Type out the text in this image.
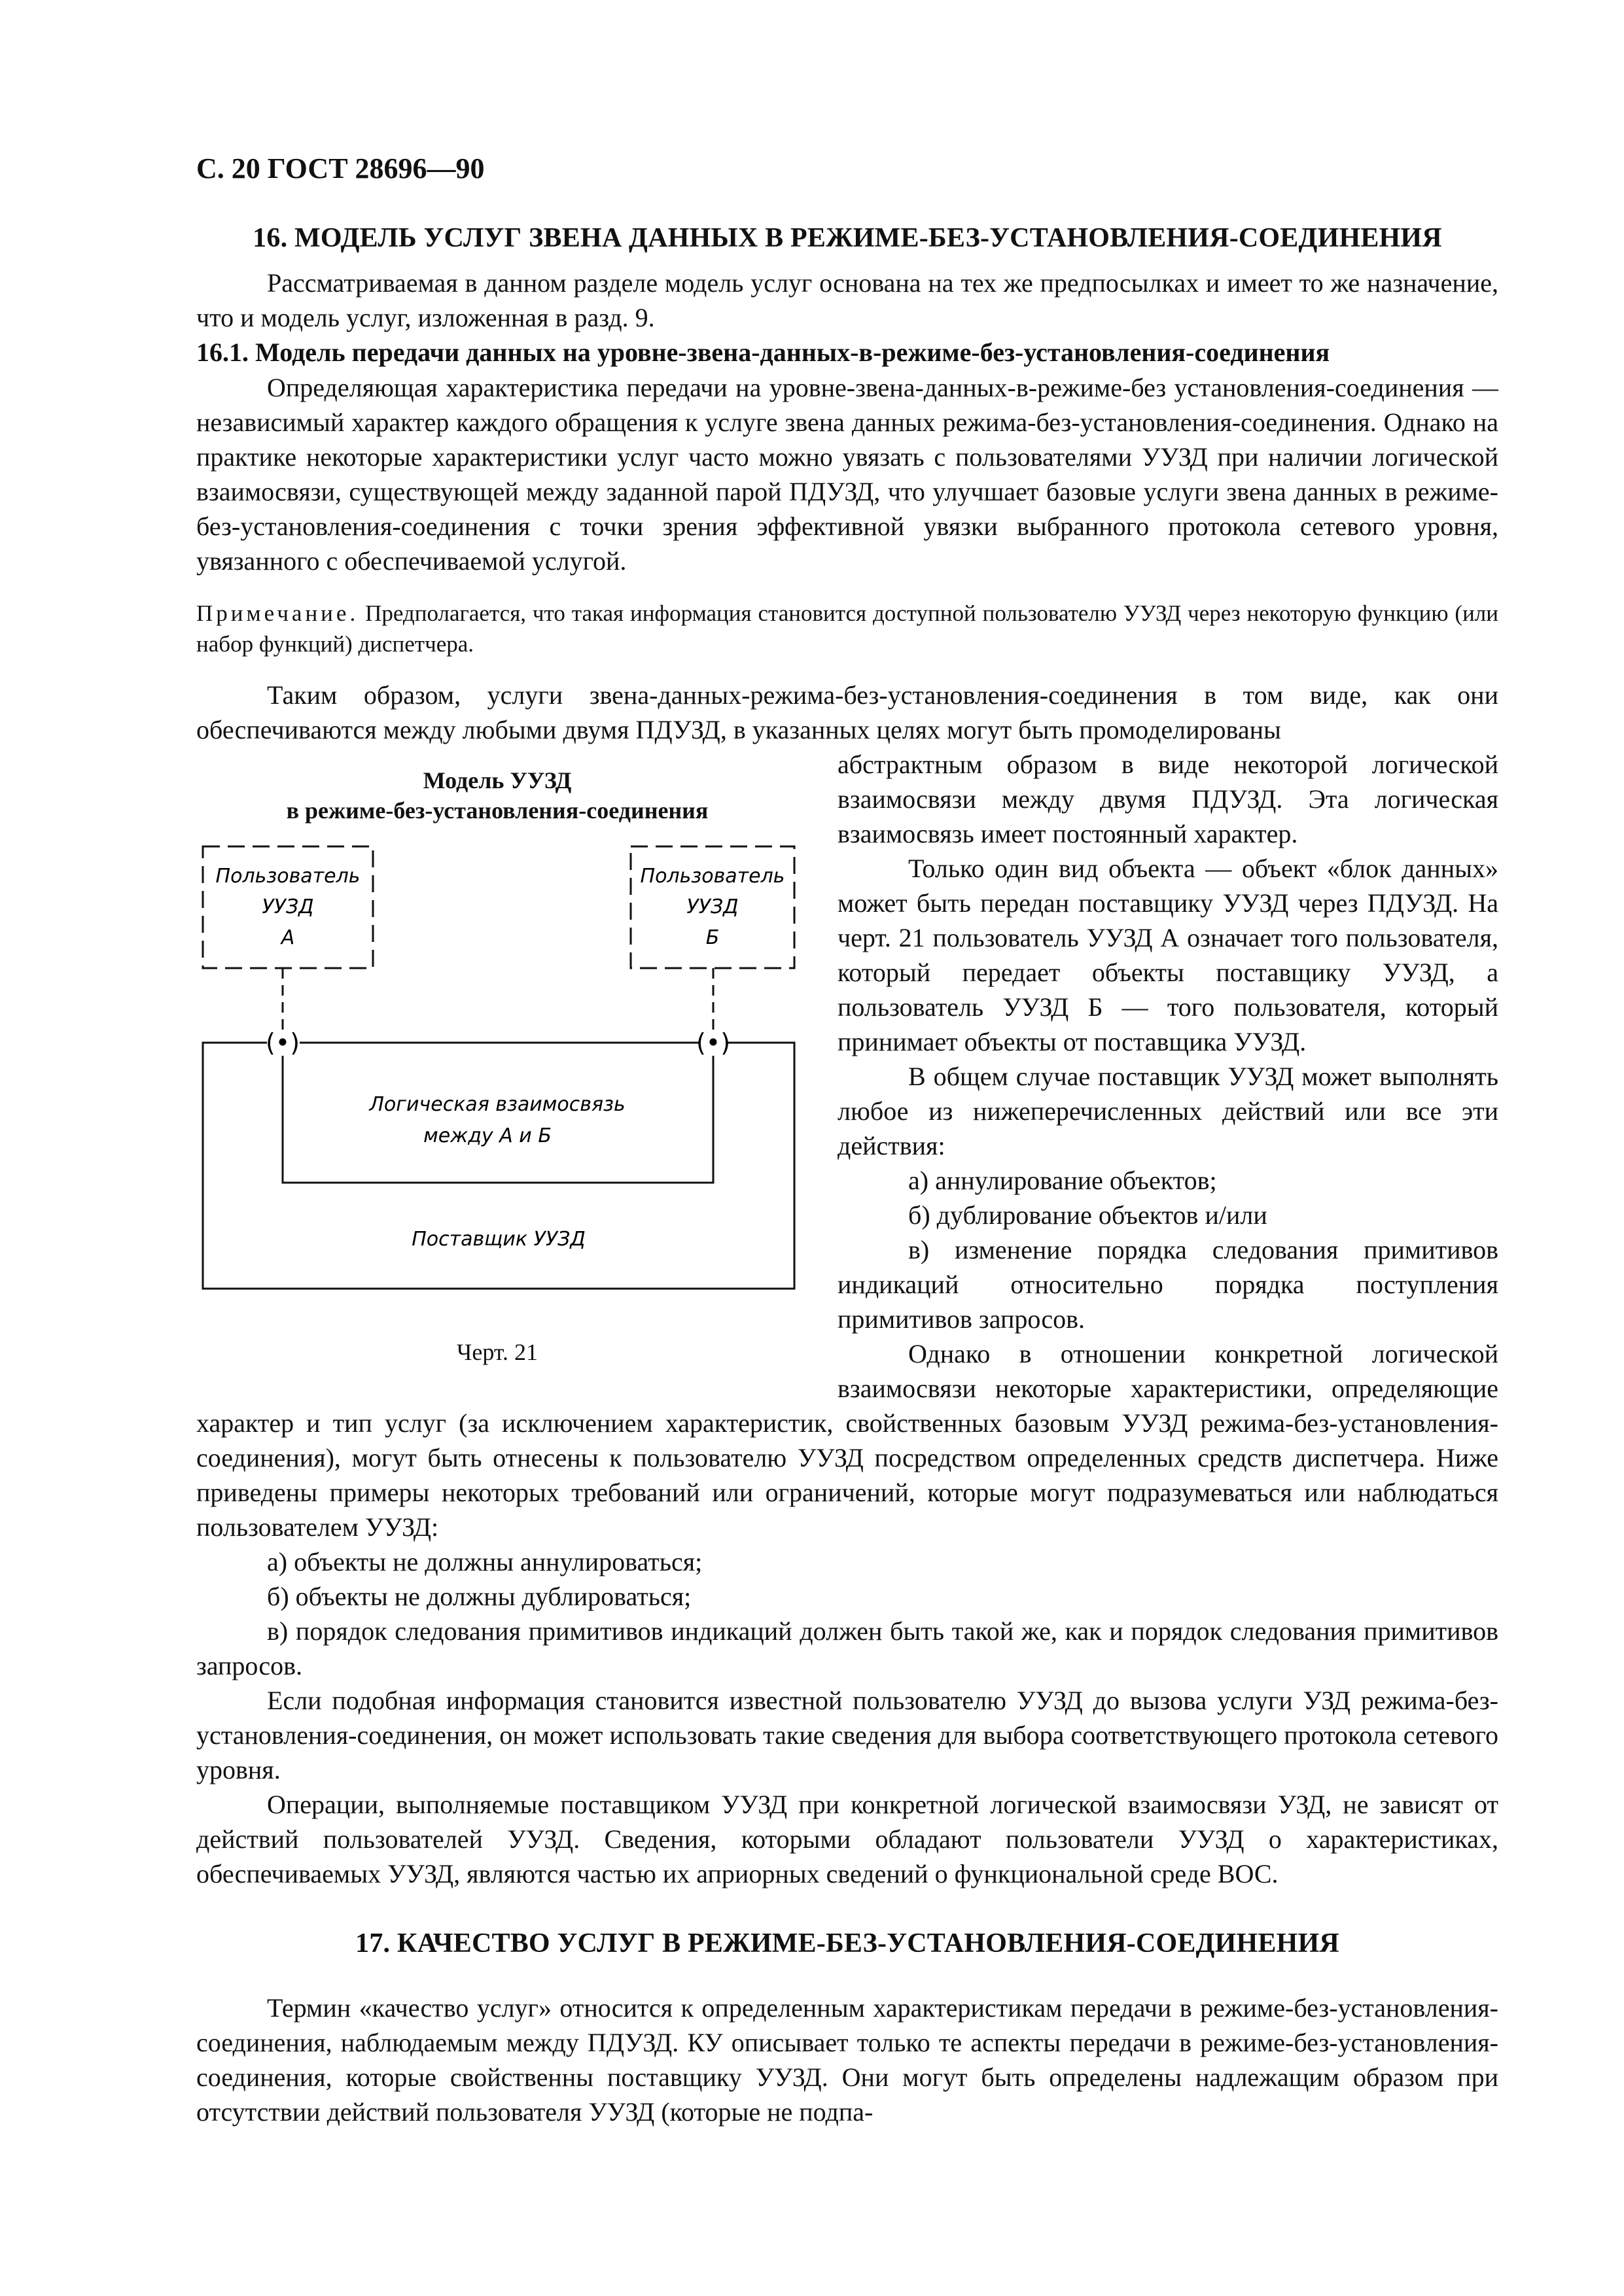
С. 20 ГОСТ 28696—90
16. МОДЕЛЬ УСЛУГ ЗВЕНА ДАННЫХ В РЕЖИМЕ-БЕЗ-УСТАНОВЛЕНИЯ-СОЕДИНЕНИЯ

Рассматриваемая в данном разделе модель услуг основана на тех же предпосылках и имеет то же назначение, что и модель услуг, изложенная в разд. 9.

16.1. Модель передачи данных на уровне-звена-данных-в-режиме-без-установления-соединения

Определяющая характеристика передачи на уровне-звена-данных-в-режиме-без установления-соединения — независимый характер каждого обращения к услуге звена данных режима-без-установления-соединения. Однако на практике некоторые характеристики услуг часто можно увязать с пользователями УУЗД при наличии логической взаимосвязи, существующей между заданной парой ПДУЗД, что улучшает базовые услуги звена данных в режиме-без-установления-соединения с точки зрения эффективной увязки выбранного протокола сетевого уровня, увязанного с обеспечиваемой услугой.

Примечание. Предполагается, что такая информация становится доступной пользователю УУЗД через некоторую функцию (или набор функций) диспетчера.

Таким образом, услуги звена-данных-режима-без-установления-соединения в том виде, как они обеспечиваются между любыми двумя ПДУЗД, в указанных целях могут быть промоделированы

Модель УУЗД
в режиме-без-установления-соединения
(•)	(•)
Пользователь
УУЗД
А
Пользователь
УУЗД
Б
Логическая взаимосвязь
между А и Б
Поставщик УУЗД
Черт. 21

абстрактным образом в виде некоторой логической взаимосвязи между двумя ПДУЗД. Эта логическая взаимосвязь имеет постоянный характер.

Только один вид объекта — объект «блок данных» может быть передан поставщику УУЗД через ПДУЗД. На черт. 21 пользователь УУЗД А означает того пользователя, который передает объекты поставщику УУЗД, а пользователь УУЗД Б — того пользователя, который принимает объекты от поставщика УУЗД.

В общем случае поставщик УУЗД может выполнять любое из нижеперечисленных действий или все эти действия:

а) аннулирование объектов;

б) дублирование объектов и/или

в) изменение порядка следования примитивов индикаций относительно порядка поступления примитивов запросов.

Однако в отношении конкретной логической взаимосвязи некоторые характеристики, определяющие характер и тип услуг (за исключением характеристик, свойственных базовым УУЗД режима-без-установления-соединения), могут быть отнесены к пользователю УУЗД посредством определенных средств диспетчера. Ниже приведены примеры некоторых требований или ограничений, которые могут подразумеваться или наблюдаться пользователем УУЗД:

а) объекты не должны аннулироваться;

б) объекты не должны дублироваться;

в) порядок следования примитивов индикаций должен быть такой же, как и порядок следования примитивов запросов.

Если подобная информация становится известной пользователю УУЗД до вызова услуги УЗД режима-без-установления-соединения, он может использовать такие сведения для выбора соответствующего протокола сетевого уровня.

Операции, выполняемые поставщиком УУЗД при конкретной логической взаимосвязи УЗД, не зависят от действий пользователей УУЗД. Сведения, которыми обладают пользователи УУЗД о характеристиках, обеспечиваемых УУЗД, являются частью их априорных сведений о функциональной среде ВОС.

17. КАЧЕСТВО УСЛУГ В РЕЖИМЕ-БЕЗ-УСТАНОВЛЕНИЯ-СОЕДИНЕНИЯ

Термин «качество услуг» относится к определенным характеристикам передачи в режиме-без-установления-соединения, наблюдаемым между ПДУЗД. КУ описывает только те аспекты передачи в режиме-без-установления-соединения, которые свойственны поставщику УУЗД. Они могут быть определены надлежащим образом при отсутствии действий пользователя УУЗД (которые не подпа-
